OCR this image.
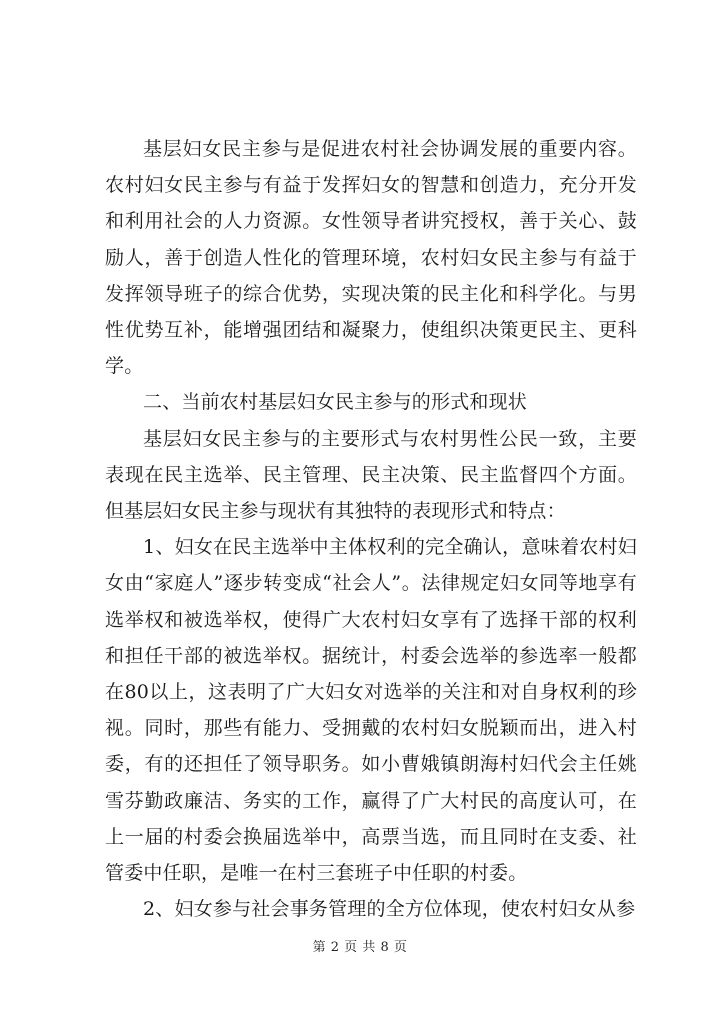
基层妇女民主参与是促进农村社会协调发展的重要内容。农村妇女民主参与有益于发挥妇女的智慧和创造力，充分开发和利用社会的人力资源。女性领导者讲究授权，善于关心、鼓励人，善于创造人性化的管理环境，农村妇女民主参与有益于发挥领导班子的综合优势，实现决策的民主化和科学化。与男性优势互补，能增强团结和凝聚力，使组织决策更民主、更科学。

二、当前农村基层妇女民主参与的形式和现状

基层妇女民主参与的主要形式与农村男性公民一致，主要表现在民主选举、民主管理、民主决策、民主监督四个方面。但基层妇女民主参与现状有其独特的表现形式和特点：

1、妇女在民主选举中主体权利的完全确认，意味着农村妇女由“家庭人”逐步转变成“社会人”。法律规定妇女同等地享有选举权和被选举权，使得广大农村妇女享有了选择干部的权利和担任干部的被选举权。据统计，村委会选举的参选率一般都在80以上，这表明了广大妇女对选举的关注和对自身权利的珍视。同时，那些有能力、受拥戴的农村妇女脱颖而出，进入村委，有的还担任了领导职务。如小曹娥镇朗海村妇代会主任姚雪芬勤政廉洁、务实的工作，赢得了广大村民的高度认可，在上一届的村委会换届选举中，高票当选，而且同时在支委、社管委中任职，是唯一在村三套班子中任职的村委。

2、妇女参与社会事务管理的全方位体现，使农村妇女从参

第 2 页 共 8 页
